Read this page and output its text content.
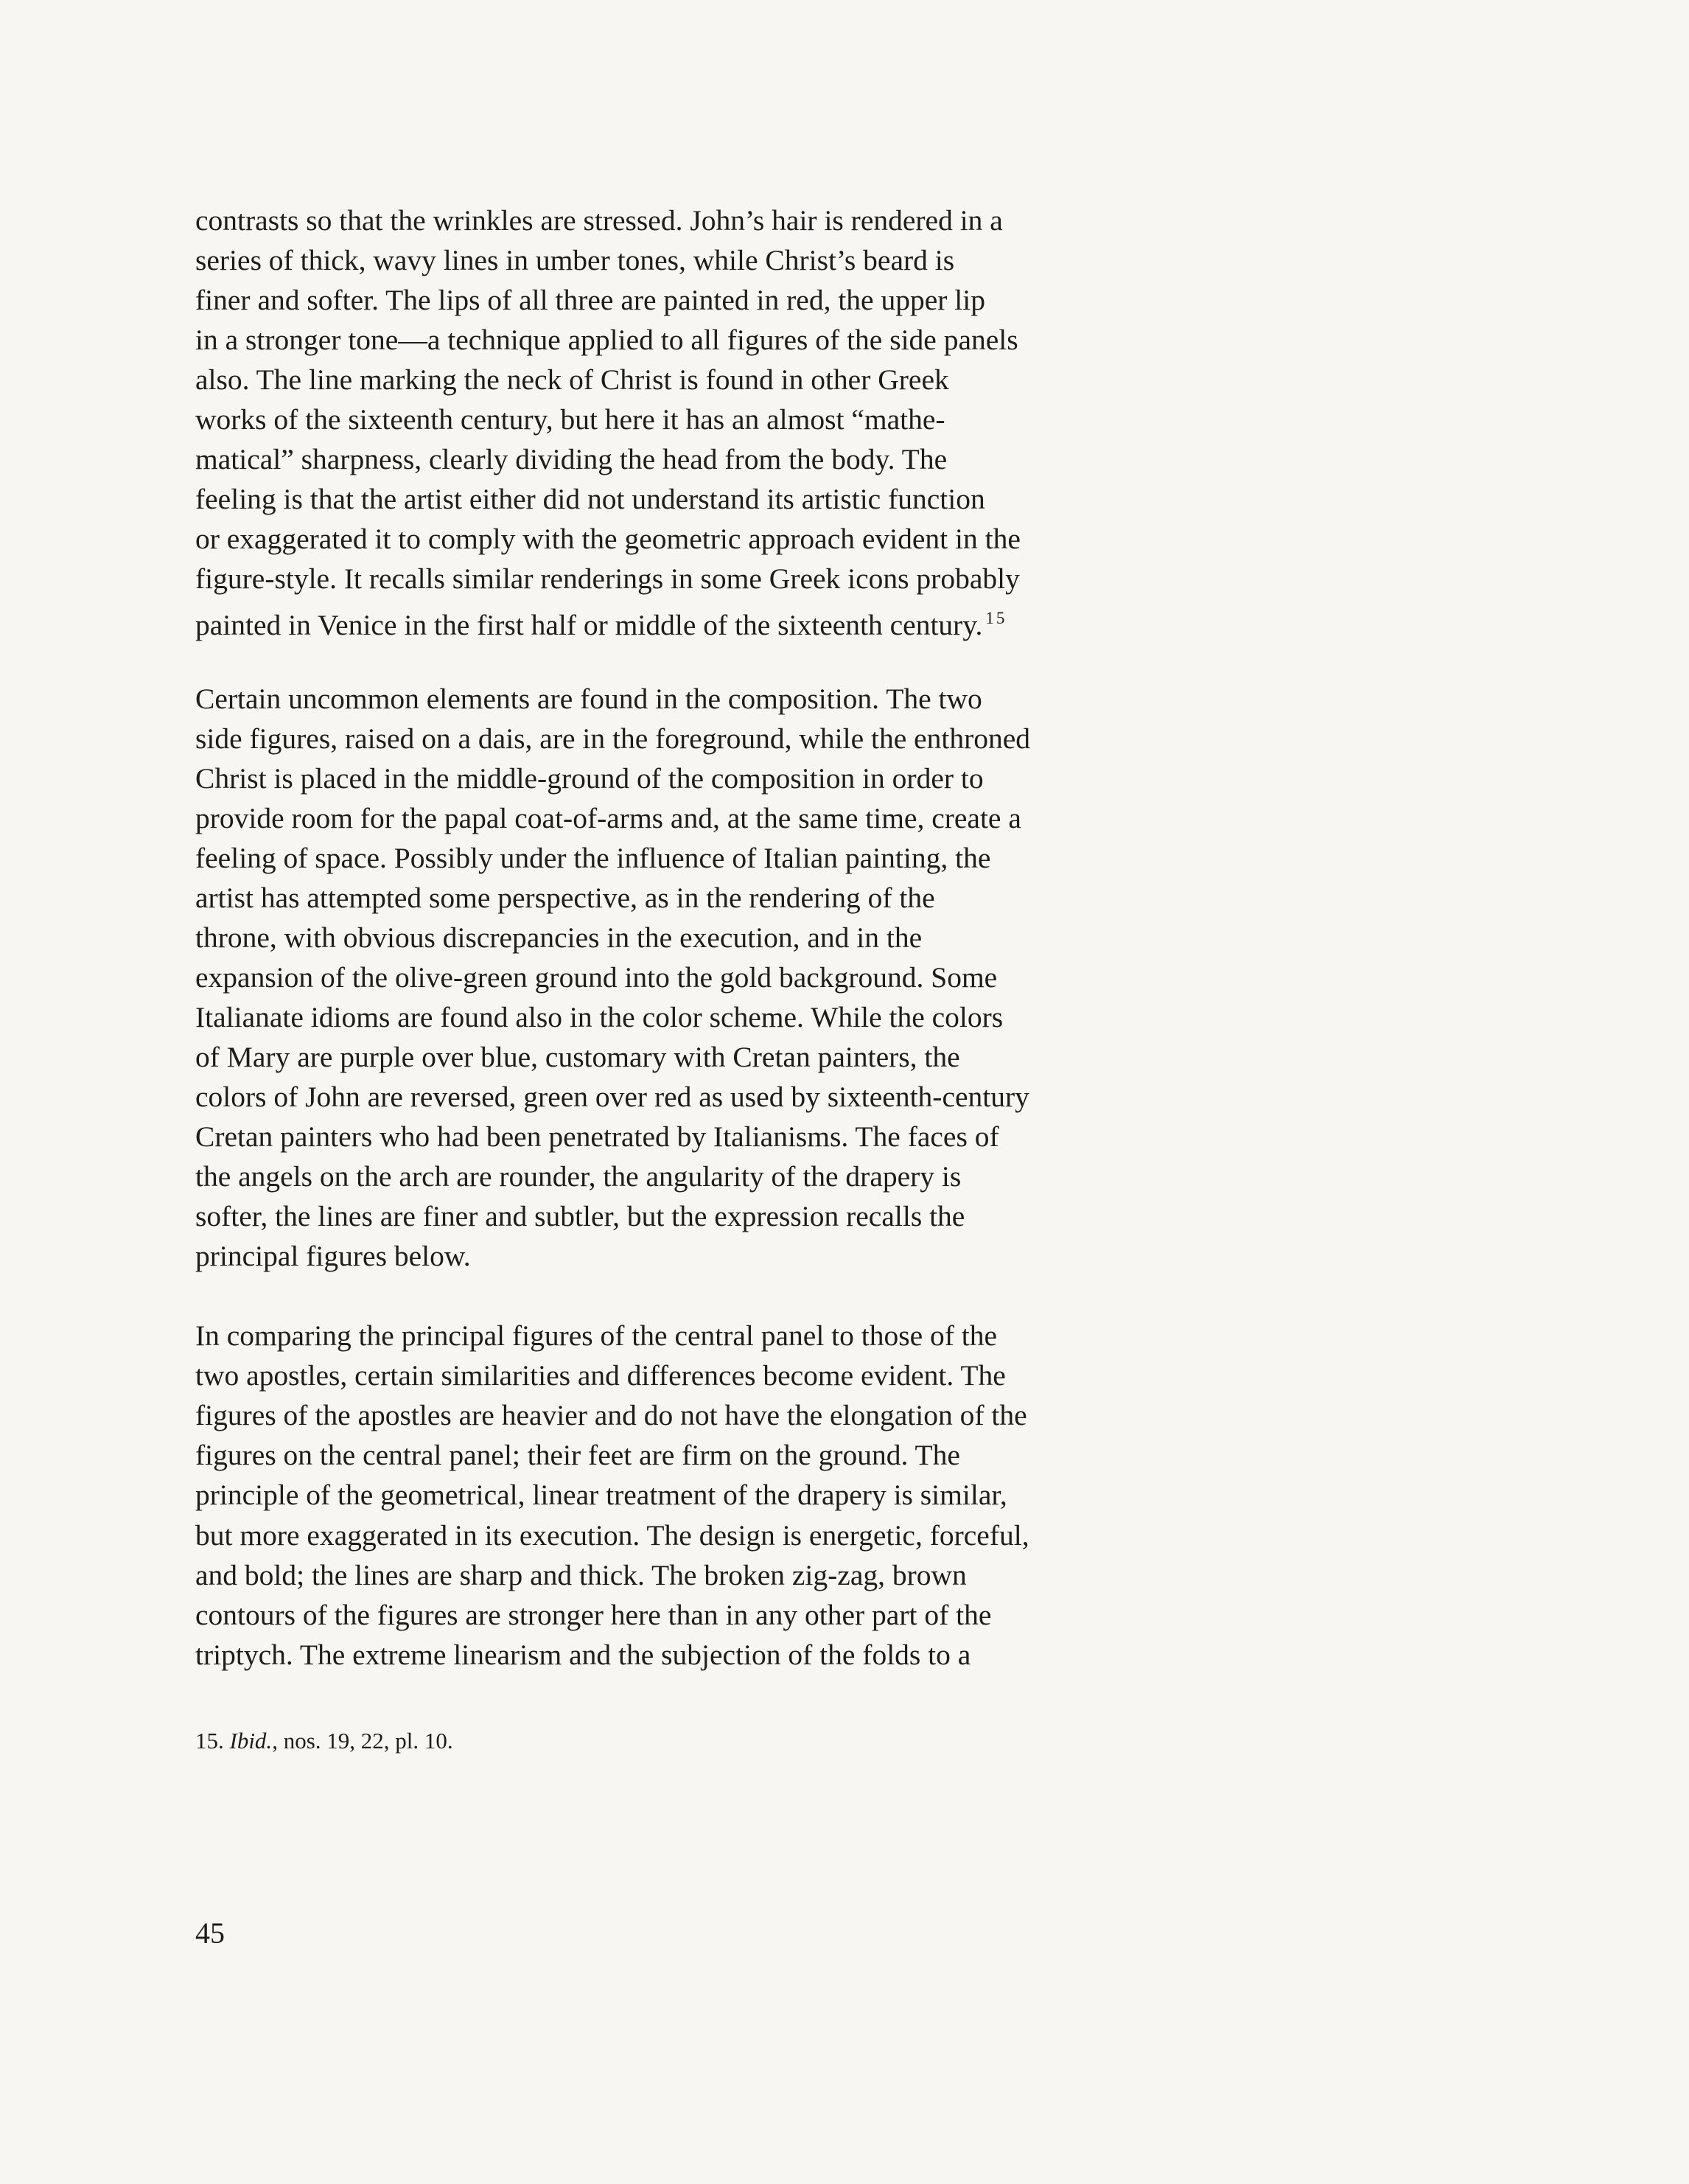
contrasts so that the wrinkles are stressed. John’s hair is rendered in a
series of thick, wavy lines in umber tones, while Christ’s beard is
finer and softer. The lips of all three are painted in red, the upper lip
in a stronger tone—a technique applied to all figures of the side panels
also. The line marking the neck of Christ is found in other Greek
works of the sixteenth century, but here it has an almost “mathe-
matical” sharpness, clearly dividing the head from the body. The
feeling is that the artist either did not understand its artistic function
or exaggerated it to comply with the geometric approach evident in the
figure-style. It recalls similar renderings in some Greek icons probably
painted in Venice in the first half or middle of the sixteenth century. $^{15}$
Certain uncommon elements are found in the composition. The two
side figures, raised on a dais, are in the foreground, while the enthroned
Christ is placed in the middle-ground of the composition in order to
provide room for the papal coat-of-arms and, at the same time, create a
feeling of space. Possibly under the influence of Italian painting, the
artist has attempted some perspective, as in the rendering of the
throne, with obvious discrepancies in the execution, and in the
expansion of the olive-green ground into the gold background. Some
Italianate idioms are found also in the color scheme. While the colors
of Mary are purple over blue, customary with Cretan painters, the
colors of John are reversed, green over red as used by sixteenth-century
Cretan painters who had been penetrated by Italianisms. The faces of
the angels on the arch are rounder, the angularity of the drapery is
softer, the lines are finer and subtler, but the expression recalls the
principal figures below.
In comparing the principal figures of the central panel to those of the
two apostles, certain similarities and differences become evident. The
figures of the apostles are heavier and do not have the elongation of the
figures on the central panel; their feet are firm on the ground. The
principle of the geometrical, linear treatment of the drapery is similar,
but more exaggerated in its execution. The design is energetic, forceful,
and bold; the lines are sharp and thick. The broken zig-zag, brown
contours of the figures are stronger here than in any other part of the
triptych. The extreme linearism and the subjection of the folds to a
15. Ibid., nos. 19, 22, pl. 10.
45
